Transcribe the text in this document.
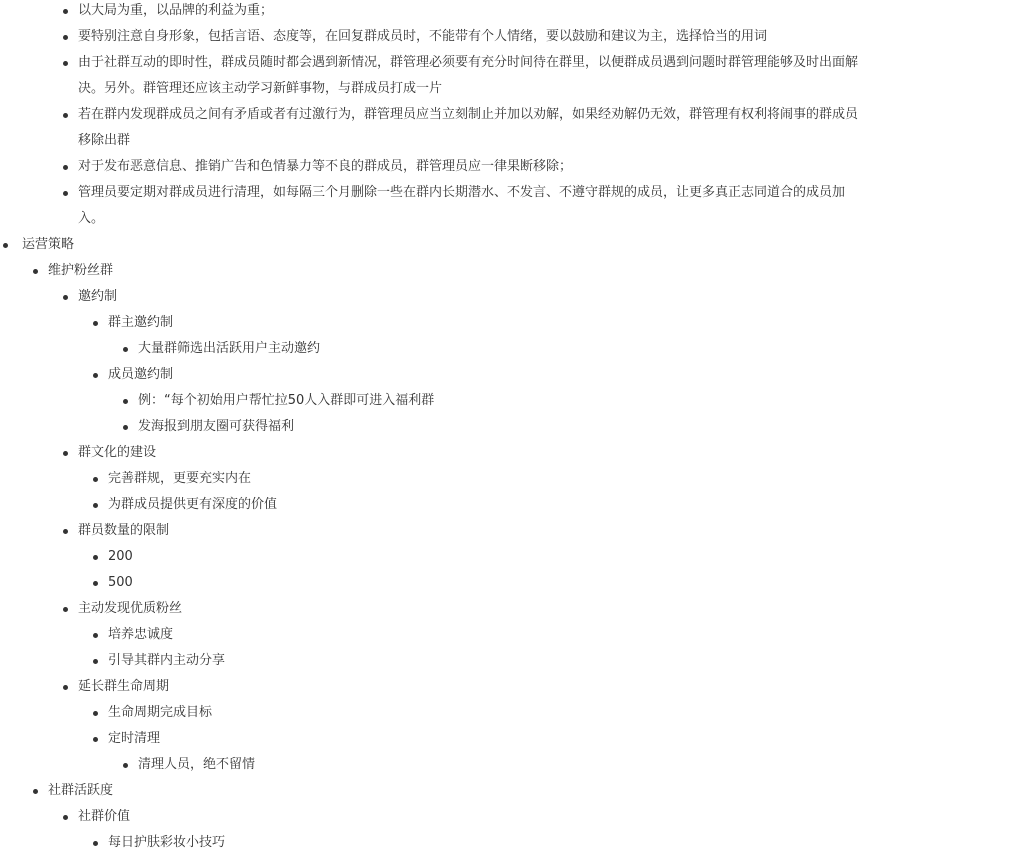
以大局为重，以品牌的利益为重；
要特别注意自身形象，包括言语、态度等，在回复群成员时，不能带有个人情绪，要以鼓励和建议为主，选择恰当的用词
由于社群互动的即时性，群成员随时都会遇到新情况，群管理必须要有充分时间待在群里，以便群成员遇到问题时群管理能够及时出面解
决。另外。群管理还应该主动学习新鲜事物，与群成员打成一片
若在群内发现群成员之间有矛盾或者有过激行为，群管理员应当立刻制止并加以劝解，如果经劝解仍无效，群管理有权利将闹事的群成员
移除出群
对于发布恶意信息、推销广告和色情暴力等不良的群成员，群管理员应一律果断移除；
管理员要定期对群成员进行清理，如每隔三个月删除一些在群内长期潜水、不发言、不遵守群规的成员，让更多真正志同道合的成员加
入。
运营策略
维护粉丝群
邀约制
群主邀约制
大量群筛选出活跃用户主动邀约
成员邀约制
例：“每个初始用户帮忙拉50人入群即可进入福利群
发海报到朋友圈可获得福利
群文化的建设
完善群规，更要充实内在
为群成员提供更有深度的价值
群员数量的限制
200
500
主动发现优质粉丝
培养忠诚度
引导其群内主动分享
延长群生命周期
生命周期完成目标
定时清理
清理人员，绝不留情
社群活跃度
社群价值
每日护肤彩妆小技巧
